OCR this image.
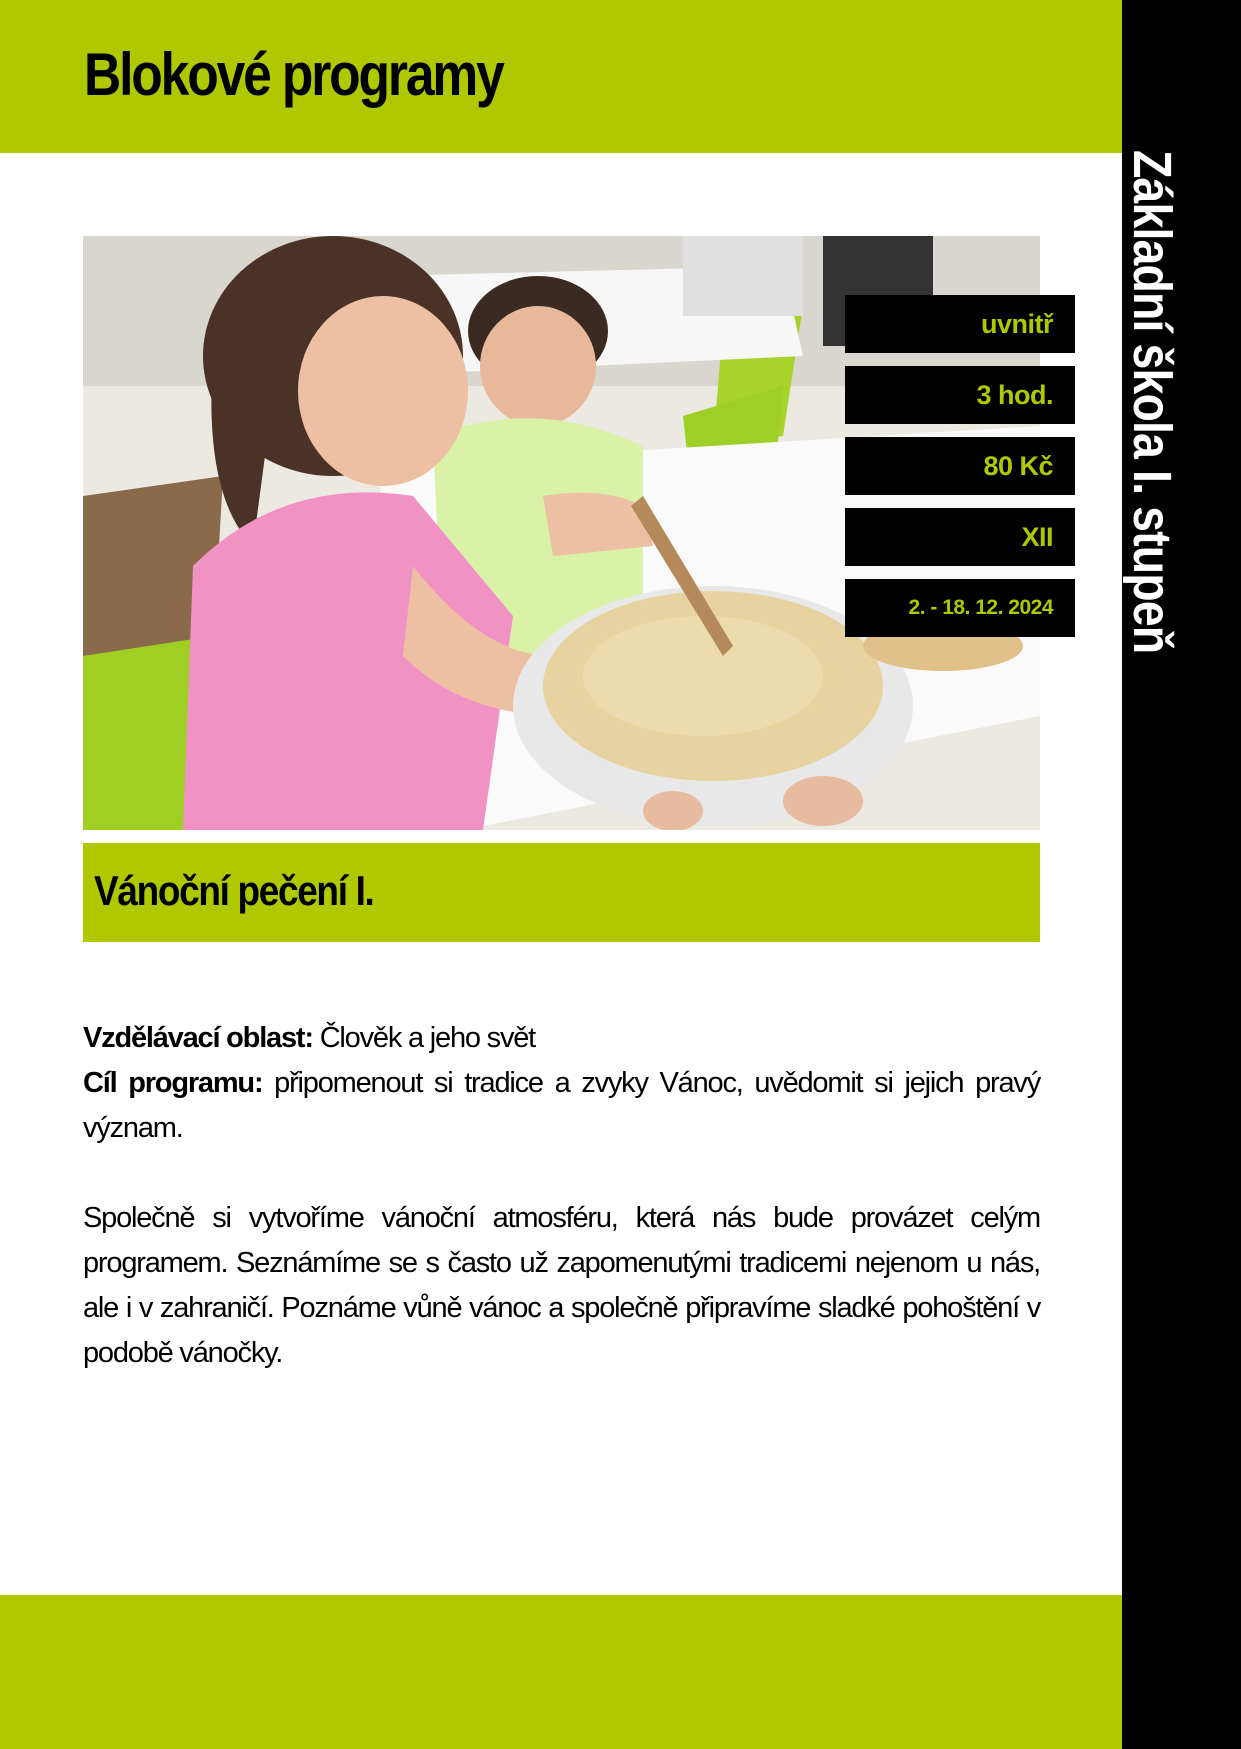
Blokové programy
Základní škola I. stupeň
uvnitř
3 hod.
80 Kč
XII
2. - 18. 12. 2024
Vánoční pečení I.

Vzdělávací oblast: Člověk a jeho svět

Cíl programu: připomenout si tradice a zvyky Vánoc, uvědomit si jejich pravý význam.

Společně si vytvoříme vánoční atmosféru, která nás bude provázet celým programem. Seznámíme se s často už zapomenutými tradicemi nejenom u nás, ale i v zahraničí. Poznáme vůně vánoc a společně připravíme sladké pohoštění v podobě vánočky.
